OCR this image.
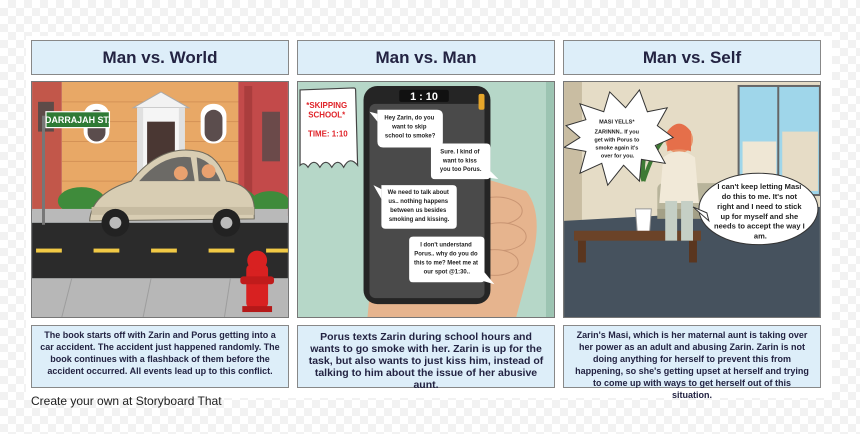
Man vs. World
DARRAJAH ST.
The book starts off with Zarin and Porus getting into a car accident. The accident just happened randomly. The book continues with a flashback of them before the accident occurred. All events lead up to this conflict.
Man vs. Man
1 : 10
Hey Zarin, do you want to skip school to smoke?
Sure. I kind of want to kiss you too Porus.
We need to talk about us.. nothing happens between us besides smoking and kissing.
I don't understand Porus.. why do you do this to me? Meet me at our spot @1:30..
*SKIPPING SCHOOL* TIME: 1:10
Porus texts Zarin during school hours and wants to go smoke with her. Zarin is up for the task, but also wants to just kiss him, instead of talking to him about the issue of her abusive aunt.
Man vs. Self
MASI YELLS* ZARINNN.. If you get with Porus to smoke again it's over for you.
I can't keep letting Masi do this to me. It's not right and I need to stick up for myself and she needs to accept the way I am.
Zarin's Masi, which is her maternal aunt is taking over her power as an adult and abusing Zarin. Zarin is not doing anything for herself to prevent this from happening, so she's getting upset at herself and trying to come up with ways to get herself out of this situation.
Create your own at Storyboard That
